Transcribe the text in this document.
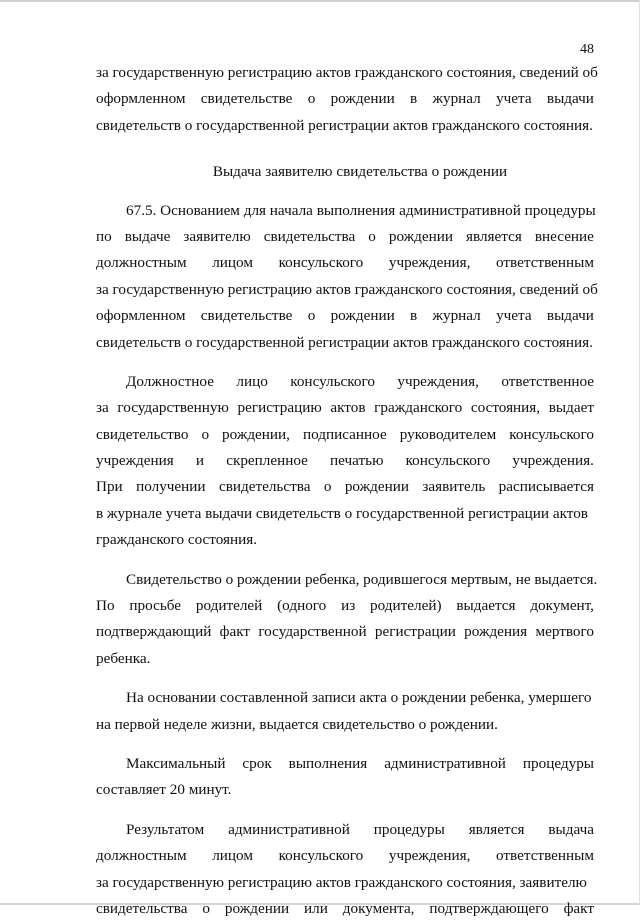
48
за государственную регистрацию актов гражданского состояния, сведений об
оформленном свидетельстве о рождении в журнал учета выдачи
свидетельств о государственной регистрации актов гражданского состояния.
Выдача заявителю свидетельства о рождении
67.5. Основанием для начала выполнения административной процедуры
по выдаче заявителю свидетельства о рождении является внесение
должностным лицом консульского учреждения, ответственным
за государственную регистрацию актов гражданского состояния, сведений об
оформленном свидетельстве о рождении в журнал учета выдачи
свидетельств о государственной регистрации актов гражданского состояния.
Должностное лицо консульского учреждения, ответственное
за государственную регистрацию актов гражданского состояния, выдает
свидетельство о рождении, подписанное руководителем консульского
учреждения и скрепленное печатью консульского учреждения.
При получении свидетельства о рождении заявитель расписывается
в журнале учета выдачи свидетельств о государственной регистрации актов
гражданского состояния.
Свидетельство о рождении ребенка, родившегося мертвым, не выдается.
По просьбе родителей (одного из родителей) выдается документ,
подтверждающий факт государственной регистрации рождения мертвого
ребенка.
На основании составленной записи акта о рождении ребенка, умершего
на первой неделе жизни, выдается свидетельство о рождении.
Максимальный срок выполнения административной процедуры
составляет 20 минут.
Результатом административной процедуры является выдача
должностным лицом консульского учреждения, ответственным
за государственную регистрацию актов гражданского состояния, заявителю
свидетельства о рождении или документа, подтверждающего факт
